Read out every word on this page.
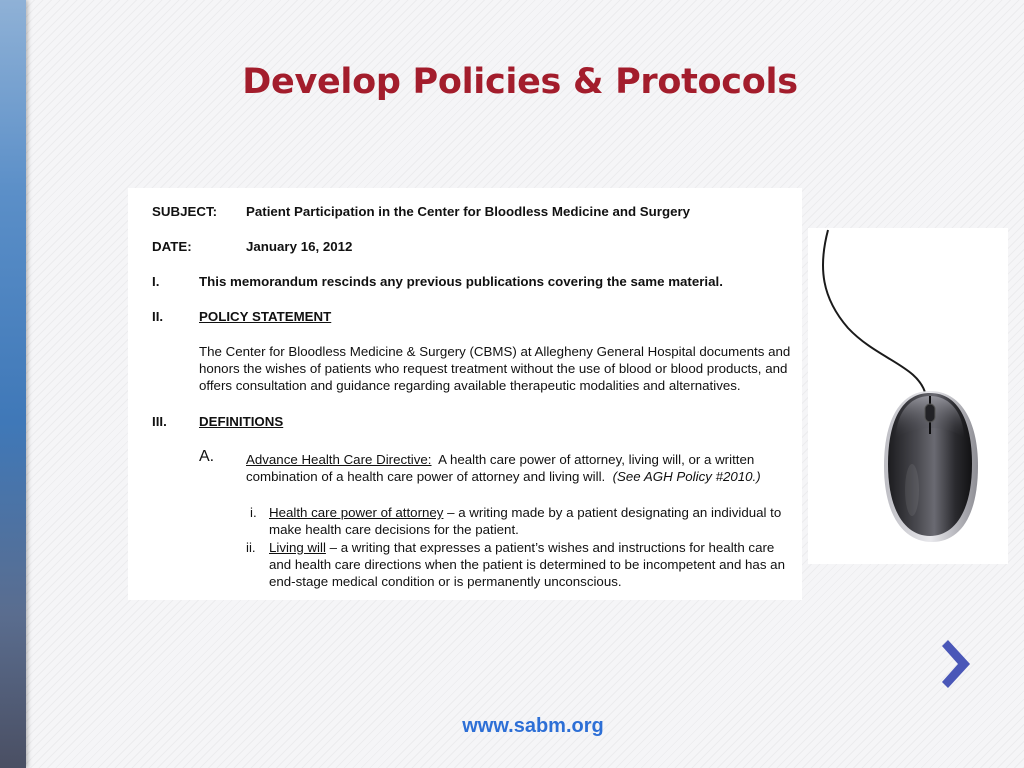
Develop Policies & Protocols
SUBJECT: Patient Participation in the Center for Bloodless Medicine and Surgery
DATE:	January 16, 2012
I.	This memorandum rescinds any previous publications covering the same material.
II.	POLICY STATEMENT
The Center for Bloodless Medicine & Surgery (CBMS) at Allegheny General Hospital documents and
honors the wishes of patients who request treatment without the use of blood or blood products, and
offers consultation and guidance regarding available therapeutic modalities and alternatives.
III. DEFINITIONS
A. Advance Health Care Directive:  A health care power of attorney, living will, or a written
combination of a health care power of attorney and living will. (See AGH Policy #2010.)
i. Health care power of attorney – a writing made by a patient designating an individual to
make health care decisions for the patient.
ii. Living will – a writing that expresses a patient’s wishes and instructions for health care
and health care directions when the patient is determined to be incompetent and has an
end-stage medical condition or is permanently unconscious.
www.sabm.org
